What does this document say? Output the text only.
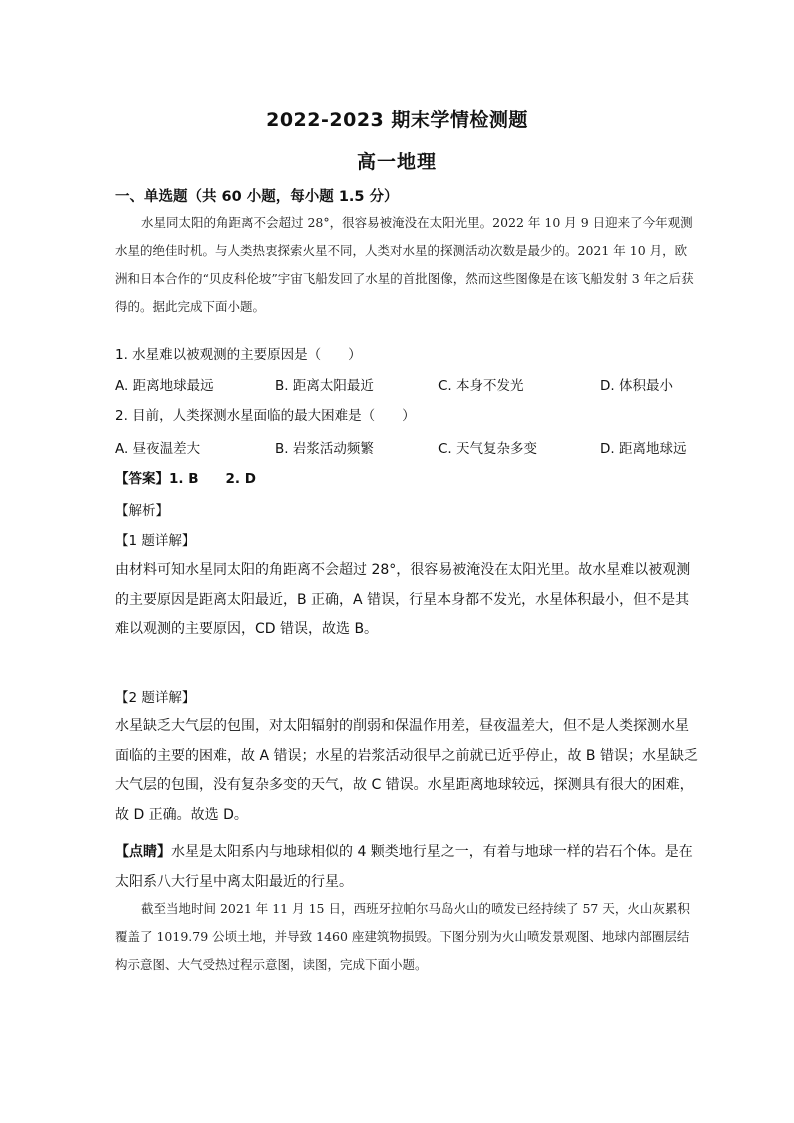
2022-2023 期末学情检测题
高一地理
一、单选题（共 60 小题，每小题 1.5 分）
水星同太阳的角距离不会超过 28°，很容易被淹没在太阳光里。2022 年 10 月 9 日迎来了今年观测水星的绝佳时机。与人类热衷探索火星不同，人类对水星的探测活动次数是最少的。2021 年 10 月，欧洲和日本合作的“贝皮科伦坡”宇宙飞船发回了水星的首批图像，然而这些图像是在该飞船发射 3 年之后获得的。据此完成下面小题。
1. 水星难以被观测的主要原因是（　　）
A. 距离地球最远	B. 距离太阳最近	C. 本身不发光	D. 体积最小
2. 目前，人类探测水星面临的最大困难是（　　）
A. 昼夜温差大	B. 岩浆活动频繁	C. 天气复杂多变	D. 距离地球远
【答案】1. B　　2. D
【解析】
【1 题详解】
由材料可知水星同太阳的角距离不会超过 28°，很容易被淹没在太阳光里。故水星难以被观测的主要原因是距离太阳最近，B 正确，A 错误，行星本身都不发光，水星体积最小，但不是其难以观测的主要原因，CD 错误，故选 B。
【2 题详解】
水星缺乏大气层的包围，对太阳辐射的削弱和保温作用差，昼夜温差大，但不是人类探测水星面临的主要的困难，故 A 错误；水星的岩浆活动很早之前就已近乎停止，故 B 错误；水星缺乏大气层的包围，没有复杂多变的天气，故 C 错误。水星距离地球较远，探测具有很大的困难，故 D 正确。故选 D。
【点睛】水星是太阳系内与地球相似的 4 颗类地行星之一，有着与地球一样的岩石个体。是在太阳系八大行星中离太阳最近的行星。
截至当地时间 2021 年 11 月 15 日，西班牙拉帕尔马岛火山的喷发已经持续了 57 天，火山灰累积覆盖了 1019.79 公顷土地，并导致 1460 座建筑物损毁。下图分别为火山喷发景观图、地球内部圈层结构示意图、大气受热过程示意图，读图，完成下面小题。
